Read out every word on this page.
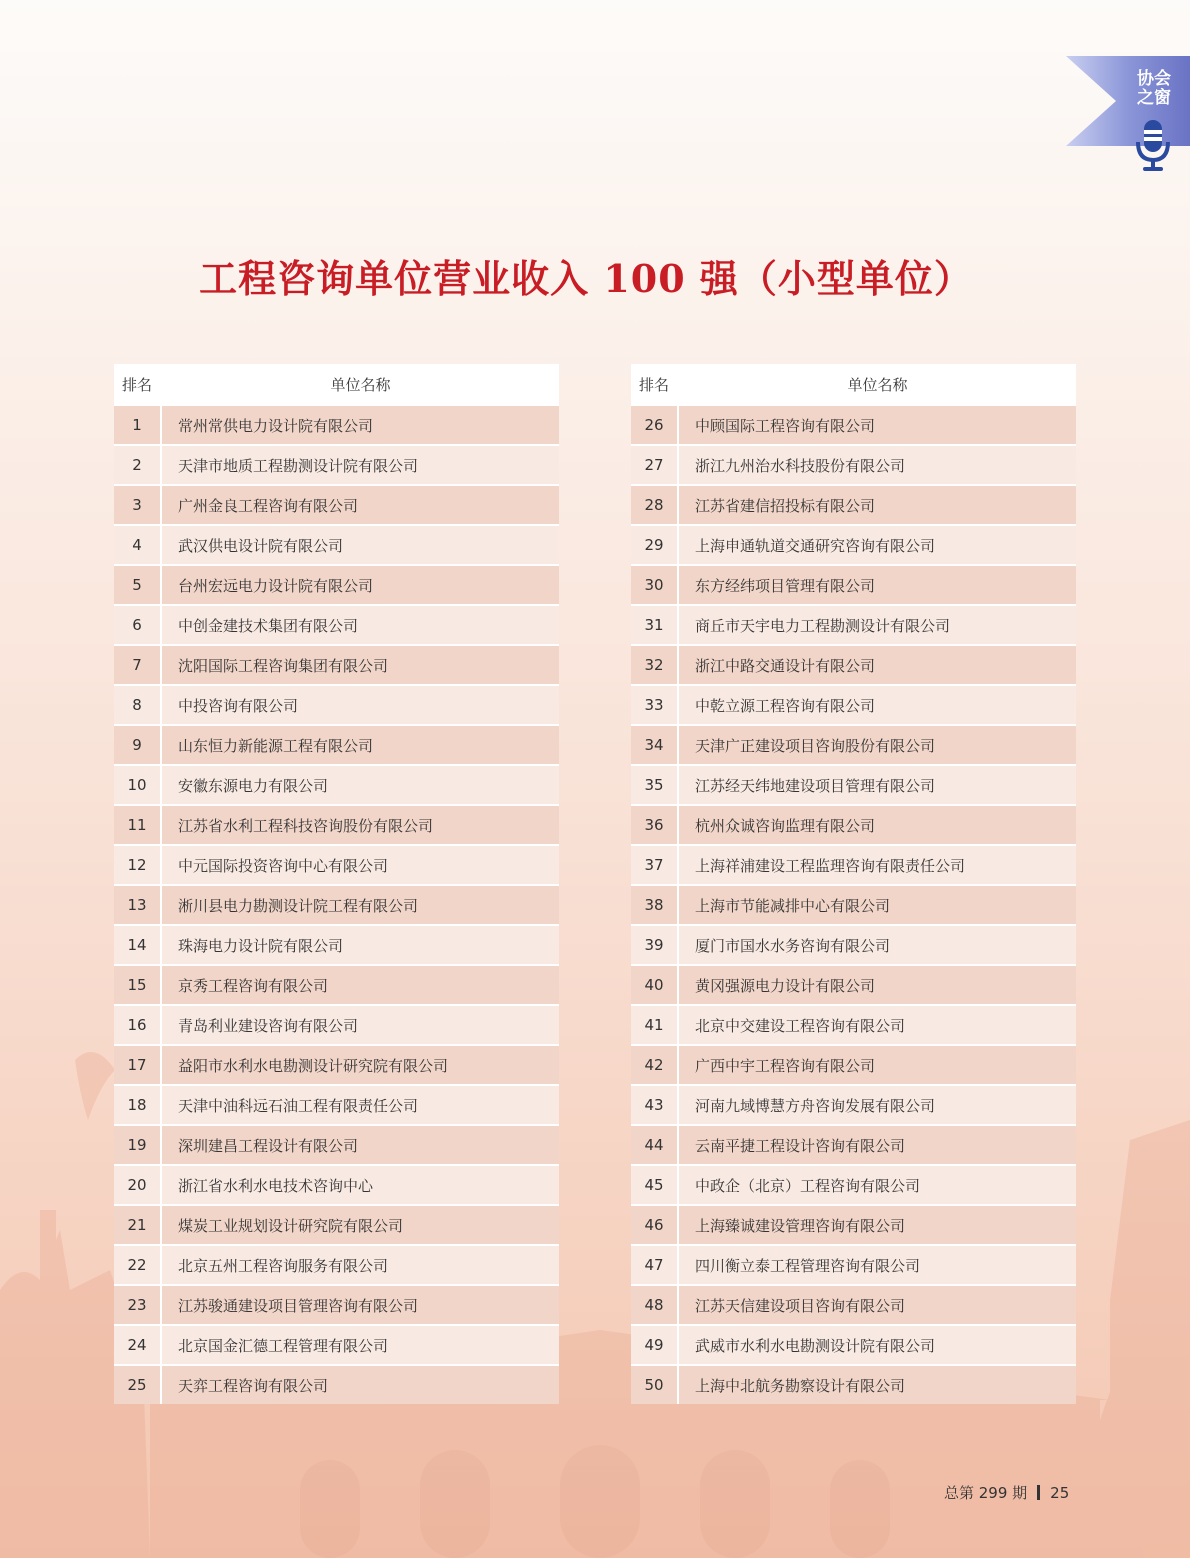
协会
之窗
工程咨询单位营业收入 100 强（小型单位）
排名	单位名称
1	常州常供电力设计院有限公司
2	天津市地质工程勘测设计院有限公司
3	广州金良工程咨询有限公司
4	武汉供电设计院有限公司
5	台州宏远电力设计院有限公司
6	中创金建技术集团有限公司
7	沈阳国际工程咨询集团有限公司
8	中投咨询有限公司
9	山东恒力新能源工程有限公司
10	安徽东源电力有限公司
11	江苏省水利工程科技咨询股份有限公司
12	中元国际投资咨询中心有限公司
13	淅川县电力勘测设计院工程有限公司
14	珠海电力设计院有限公司
15	京秀工程咨询有限公司
16	青岛利业建设咨询有限公司
17	益阳市水利水电勘测设计研究院有限公司
18	天津中油科远石油工程有限责任公司
19	深圳建昌工程设计有限公司
20	浙江省水利水电技术咨询中心
21	煤炭工业规划设计研究院有限公司
22	北京五州工程咨询服务有限公司
23	江苏骏通建设项目管理咨询有限公司
24	北京国金汇德工程管理有限公司
25	天弈工程咨询有限公司
排名	单位名称
26	中顾国际工程咨询有限公司
27	浙江九州治水科技股份有限公司
28	江苏省建信招投标有限公司
29	上海申通轨道交通研究咨询有限公司
30	东方经纬项目管理有限公司
31	商丘市天宇电力工程勘测设计有限公司
32	浙江中路交通设计有限公司
33	中乾立源工程咨询有限公司
34	天津广正建设项目咨询股份有限公司
35	江苏经天纬地建设项目管理有限公司
36	杭州众诚咨询监理有限公司
37	上海祥浦建设工程监理咨询有限责任公司
38	上海市节能减排中心有限公司
39	厦门市国水水务咨询有限公司
40	黄冈强源电力设计有限公司
41	北京中交建设工程咨询有限公司
42	广西中宇工程咨询有限公司
43	河南九域博慧方舟咨询发展有限公司
44	云南平捷工程设计咨询有限公司
45	中政企（北京）工程咨询有限公司
46	上海臻诚建设管理咨询有限公司
47	四川衡立泰工程管理咨询有限公司
48	江苏天信建设项目咨询有限公司
49	武威市水利水电勘测设计院有限公司
50	上海中北航务勘察设计有限公司
总第 299 期 25
